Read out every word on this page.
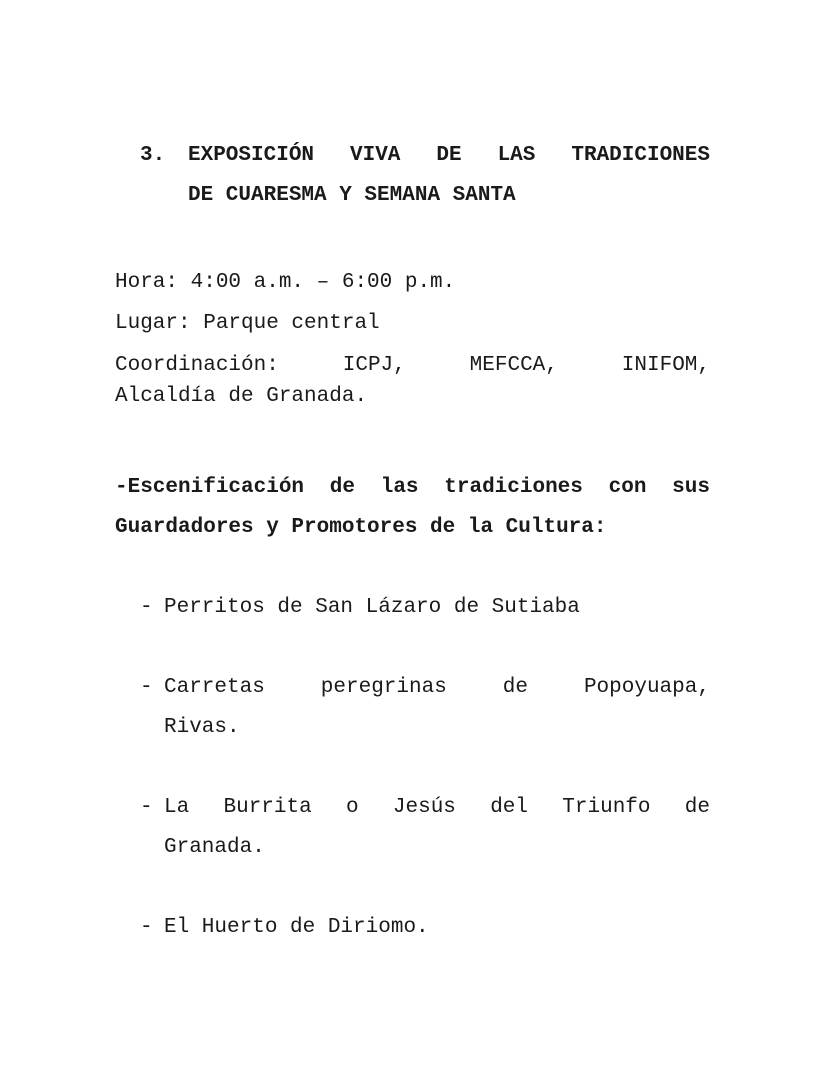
3.	EXPOSICIÓN VIVA DE LAS TRADICIONES
DE CUARESMA Y SEMANA SANTA
Hora: 4:00 a.m. – 6:00 p.m.
Lugar: Parque central
Coordinación:	ICPJ,	MEFCCA,	INIFOM,
Alcaldía de Granada.
-Escenificación de las tradiciones con sus
Guardadores y Promotores de la Cultura:
- Perritos de San Lázaro de Sutiaba
- Carretas	peregrinas	de	Popoyuapa,
Rivas.
- La Burrita o Jesús del Triunfo de
Granada.
- El Huerto de Diriomo.
